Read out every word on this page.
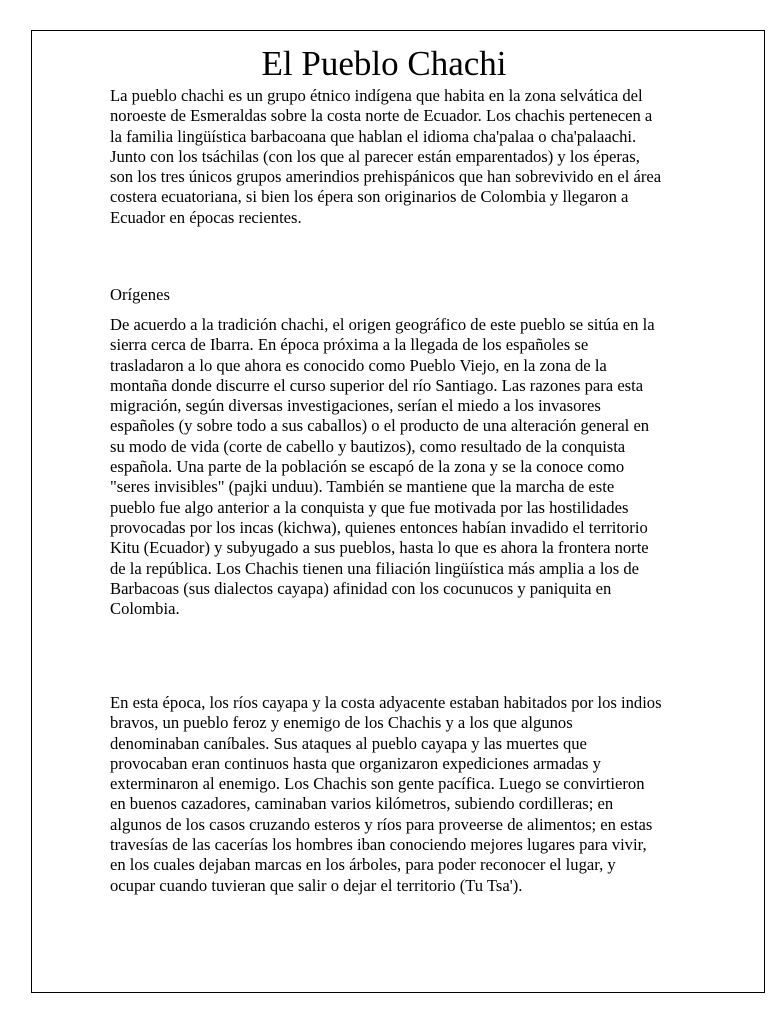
El Pueblo Chachi

La pueblo chachi es un grupo étnico indígena que habita en la zona selvática del noroeste de Esmeraldas sobre la costa norte de Ecuador. Los chachis pertenecen a la familia lingüística barbacoana que hablan el idioma cha'palaa o cha'palaachi. Junto con los tsáchilas (con los que al parecer están emparentados) y los éperas, son los tres únicos grupos amerindios prehispánicos que han sobrevivido en el área costera ecuatoriana, si bien los épera son originarios de Colombia y llegaron a Ecuador en épocas recientes.

Orígenes

De acuerdo a la tradición chachi, el origen geográfico de este pueblo se sitúa en la sierra cerca de Ibarra. En época próxima a la llegada de los españoles se trasladaron a lo que ahora es conocido como Pueblo Viejo, en la zona de la montaña donde discurre el curso superior del río Santiago. Las razones para esta migración, según diversas investigaciones, serían el miedo a los invasores españoles (y sobre todo a sus caballos) o el producto de una alteración general en su modo de vida (corte de cabello y bautizos), como resultado de la conquista española. Una parte de la población se escapó de la zona y se la conoce como "seres invisibles" (pajki unduu). También se mantiene que la marcha de este pueblo fue algo anterior a la conquista y que fue motivada por las hostilidades provocadas por los incas (kichwa), quienes entonces habían invadido el territorio Kitu (Ecuador) y subyugado a sus pueblos, hasta lo que es ahora la frontera norte de la república. Los Chachis tienen una filiación lingüística más amplia a los de Barbacoas (sus dialectos cayapa) afinidad con los cocunucos y paniquita en Colombia.

En esta época, los ríos cayapa y la costa adyacente estaban habitados por los indios bravos, un pueblo feroz y enemigo de los Chachis y a los que algunos denominaban caníbales. Sus ataques al pueblo cayapa y las muertes que provocaban eran continuos hasta que organizaron expediciones armadas y exterminaron al enemigo. Los Chachis son gente pacífica. Luego se convirtieron en buenos cazadores, caminaban varios kilómetros, subiendo cordilleras; en algunos de los casos cruzando esteros y ríos para proveerse de alimentos; en estas travesías de las cacerías los hombres iban conociendo mejores lugares para vivir, en los cuales dejaban marcas en los árboles, para poder reconocer el lugar, y ocupar cuando tuvieran que salir o dejar el territorio (Tu Tsa').
